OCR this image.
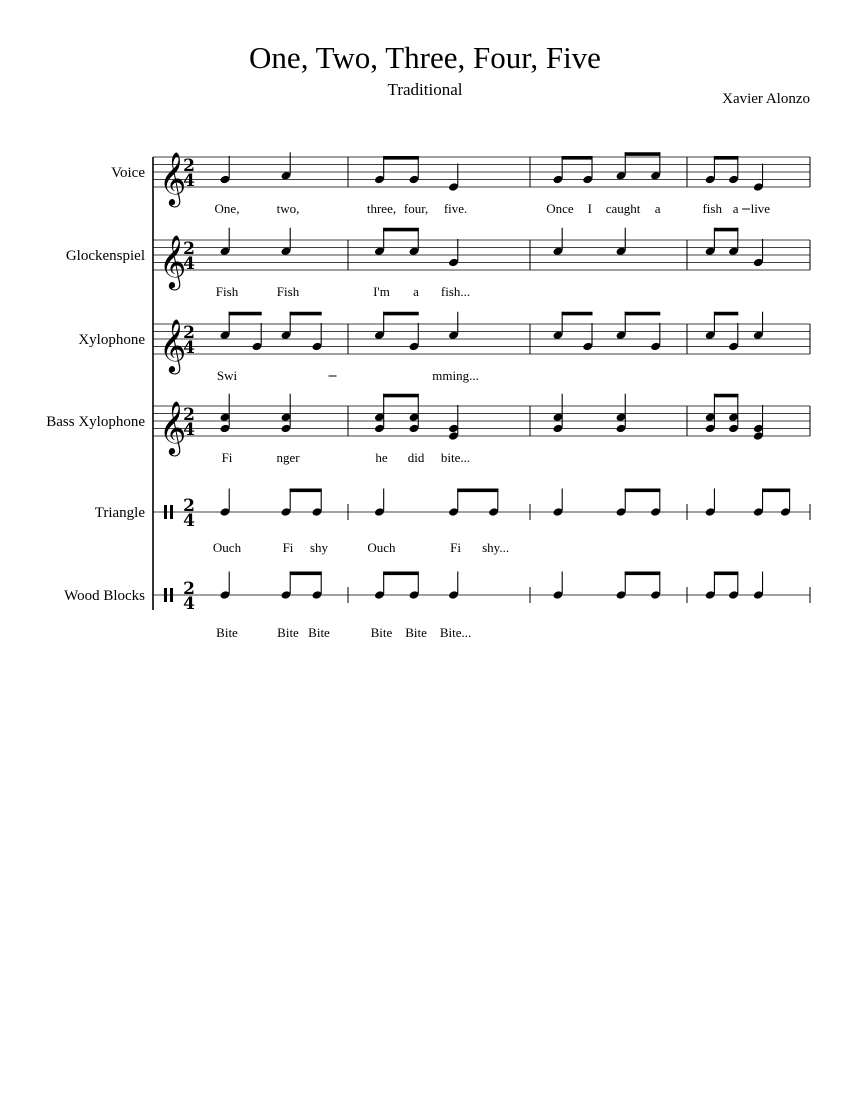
One, Two, Three, Four, Five
Traditional	Xavier Alonzo
Voice 𝄞
2
4
One,	two,	three, four, five.	Once I caught a	fish a live
Glockenspiel 𝄞
2
4
Fish	Fish	I'm a fish...
Xylophone 𝄞
2
4
Swi	mming...
Bass Xylophone 𝄞
2
4
Fi	nger	he did bite...
Triangle 2
4
Ouch	Fi shy	Ouch	Fi shy...
Wood Blocks 2
4
Bite	Bite Bite	Bite Bite Bite...
